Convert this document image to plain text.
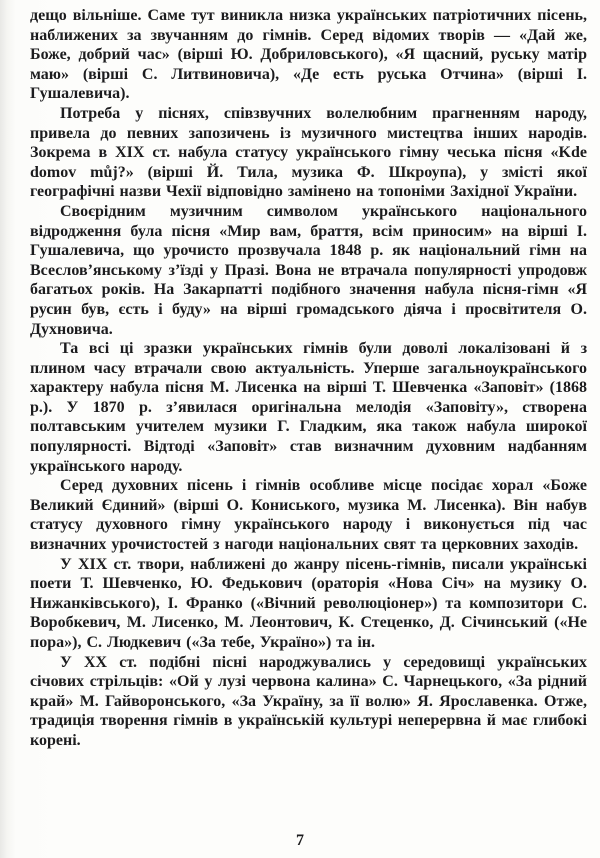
дещо вільніше. Саме тут виникла низка українських патріотичних пісень, наближених за звучанням до гімнів. Серед відомих творів — «Дай же, Боже, добрий час» (вірші Ю. Добриловського), «Я щасний, руську матір маю» (вірші С. Литвиновича), «Де есть руська Отчина» (вірші І. Гушалевича).

Потреба у піснях, співзвучних волелюбним прагненням народу, привела до певних запозичень із музичного мистецтва інших народів. Зокрема в XIX ст. набула статусу українського гімну чеська пісня «Kde domov můj?» (вірші Й. Тила, музика Ф. Шкроупа), у змісті якої географічні назви Чехії відповідно замінено на топоніми Західної України.

Своєрідним музичним символом українського національного відродження була пісня «Мир вам, браття, всім приносим» на вірші І. Гушалевича, що урочисто прозвучала 1848 р. як національний гімн на Всеслов’янському з’їзді у Празі. Вона не втрачала популярності упродовж багатьох років. На Закарпатті подібного значення набула пісня-гімн «Я русин був, єсть і буду» на вірші громадського діяча і просвітителя О. Духновича.

Та всі ці зразки українських гімнів були доволі локалізовані й з плином часу втрачали свою актуальність. Уперше загальноукраїнського характеру набула пісня М. Лисенка на вірші Т. Шевченка «Заповіт» (1868 р.). У 1870 р. з’явилася оригінальна мелодія «Заповіту», створена полтавським учителем музики Г. Гладким, яка також набула широкої популярності. Відтоді «Заповіт» став визначним духовним надбанням українського народу.

Серед духовних пісень і гімнів особливе місце посідає хорал «Боже Великий Єдиний» (вірші О. Кониського, музика М. Лисенка). Він набув статусу духовного гімну українського народу і виконується під час визначних урочистостей з нагоди національних свят та церковних заходів.

У XIX ст. твори, наближені до жанру пісень-гімнів, писали українські поети Т. Шевченко, Ю. Федькович (ораторія «Нова Січ» на музику О. Нижанківського), І. Франко («Вічний революціонер») та композитори С. Воробкевич, М. Лисенко, М. Леонтович, К. Стеценко, Д. Січинський («Не пора»), С. Людкевич («За тебе, Україно») та ін.

У XX ст. подібні пісні народжувались у середовищі українських січових стрільців: «Ой у лузі червона калина» С. Чарнецького, «За рідний край» М. Гайворонського, «За Україну, за її волю» Я. Ярославенка. Отже, традиція творення гімнів в українській культурі неперервна й має глибокі корені.

7
